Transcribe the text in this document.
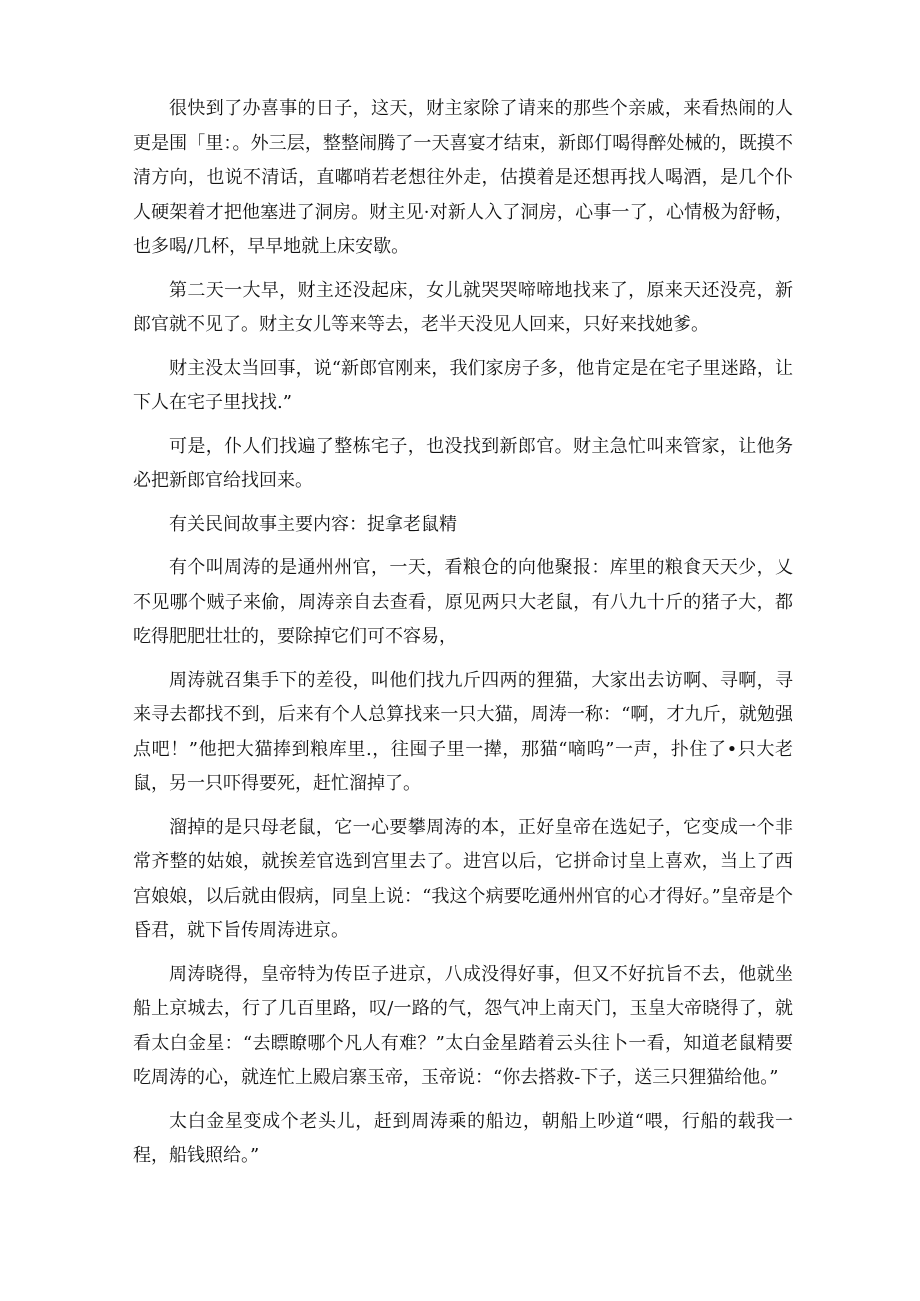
很快到了办喜事的日子，这天，财主家除了请来的那些个亲戚，来看热闹的人更是围「里：。外三层，整整闹腾了一天喜宴才结束，新郎仃喝得醉处械的，既摸不清方向，也说不清话，直嘟哨若老想往外走，估摸着是还想再找人喝酒，是几个仆人硬架着才把他塞进了洞房。财主见·对新人入了洞房，心事一了，心情极为舒畅，也多喝/几杯，早早地就上床安歇。

第二天一大早，财主还没起床，女儿就哭哭啼啼地找来了，原来天还没亮，新郎官就不见了。财主女儿等来等去，老半天没见人回来，只好来找她爹。

财主没太当回事，说“新郎官刚来，我们家房子多，他肯定是在宅子里迷路，让下人在宅子里找找.”

可是，仆人们找遍了整栋宅子，也没找到新郎官。财主急忙叫来管家，让他务必把新郎官给找回来。

有关民间故事主要内容：捉拿老鼠精

有个叫周涛的是通州州官，一天，看粮仓的向他聚报：库里的粮食天天少，乂不见哪个贼子来偷，周涛亲自去查看，原见两只大老鼠，有八九十斤的猪子大，都吃得肥肥壮壮的，要除掉它们可不容易，

周涛就召集手下的差役，叫他们找九斤四两的狸猫，大家出去访啊、寻啊，寻来寻去都找不到，后来有个人总算找来一只大猫，周涛一称：“啊，才九斤，就勉强点吧！”他把大猫捧到粮库里.，往囤子里一撵，那猫“嘀呜”一声，扑住了•只大老鼠，另一只吓得要死，赶忙溜掉了。

溜掉的是只母老鼠，它一心要攀周涛的本，正好皇帝在选妃子，它变成一个非常齐整的姑娘，就挨差官选到宫里去了。进宫以后，它拼命讨皇上喜欢，当上了西宫娘娘，以后就由假病，同皇上说：“我这个病要吃通州州官的心才得好。”皇帝是个昏君，就下旨传周涛进京。

周涛晓得，皇帝特为传臣子进京，八成没得好事，但又不好抗旨不去，他就坐船上京城去，行了几百里路，叹/一路的气，怨气冲上南天门，玉皇大帝晓得了，就看太白金星：“去瞟瞭哪个凡人有难？”太白金星踏着云头往卜一看，知道老鼠精要吃周涛的心，就连忙上殿启寨玉帝，玉帝说：“你去搭救-下子，送三只狸猫给他。”

太白金星变成个老头儿，赶到周涛乘的船边，朝船上吵道“喂，行船的载我一程，船钱照给。”
